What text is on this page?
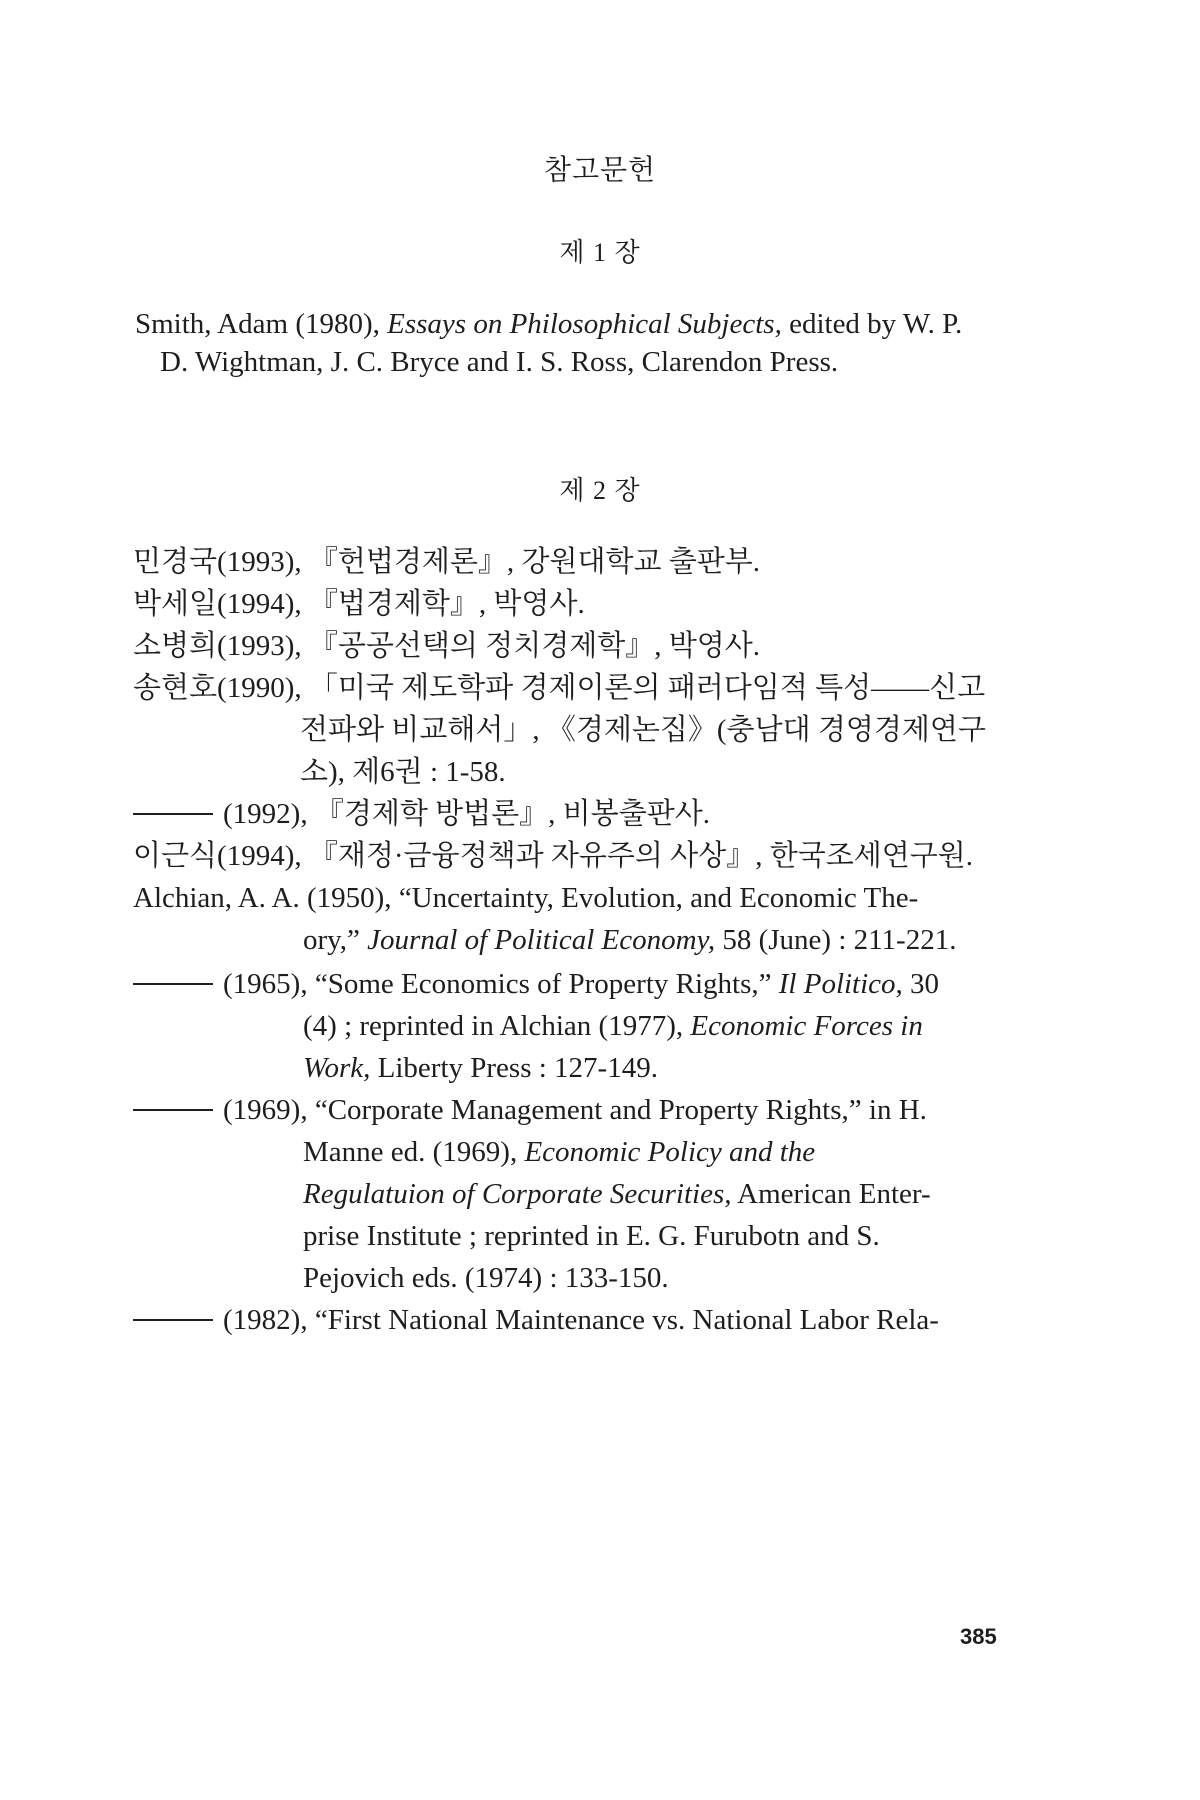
참고문헌
제 1 장
Smith, Adam (1980), Essays on Philosophical Subjects, edited by W. P.
D. Wightman, J. C. Bryce and I. S. Ross, Clarendon Press.
제 2 장
민경국(1993), 『헌법경제론』, 강원대학교 출판부.
박세일(1994), 『법경제학』, 박영사.
소병희(1993), 『공공선택의 정치경제학』, 박영사.
송현호(1990), 「미국 제도학파 경제이론의 패러다임적 특성——신고
전파와 비교해서」, 《경제논집》(충남대 경영경제연구
소), 제6권 : 1-58.
(1992), 『경제학 방법론』, 비봉출판사.
이근식(1994), 『재정·금융정책과 자유주의 사상』, 한국조세연구원.
Alchian, A. A. (1950), “Uncertainty, Evolution, and Economic The-
ory,” Journal of Political Economy, 58 (June) : 211-221.
(1965), “Some Economics of Property Rights,” Il Politico, 30
(4) ; reprinted in Alchian (1977), Economic Forces in
Work, Liberty Press : 127-149.
(1969), “Corporate Management and Property Rights,” in H.
Manne ed. (1969), Economic Policy and the
Regulatuion of Corporate Securities, American Enter-
prise Institute ; reprinted in E. G. Furubotn and S.
Pejovich eds. (1974) : 133-150.
(1982), “First National Maintenance vs. National Labor Rela-
385
